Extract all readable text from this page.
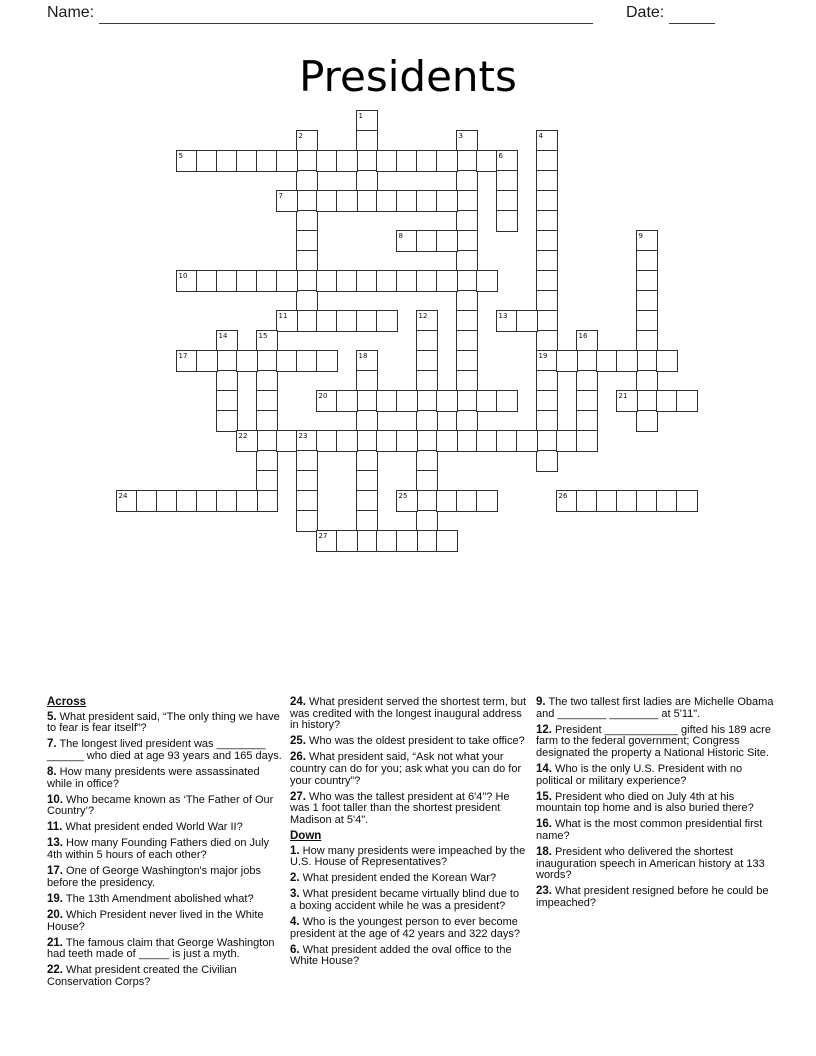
Name:	Date:
Presidents
1
2	3	4
19
5	6
7
8	9
10
11	12	13
14	15	16
17	18
20	21
22	23
24	25	26
27
Across

5. What president said, “The only thing we have to fear is fear itself”?

7. The longest lived president was ________ ______ who died at age 93 years and 165 days.

8. How many presidents were assassinated while in office?

10. Who became known as ‘The Father of Our Country’?

11. What president ended World War II?

13. How many Founding Fathers died on July 4th within 5 hours of each other?

17. One of George Washington's major jobs before the presidency.

19. The 13th Amendment abolished what?

20. Which President never lived in the White House?

21. The famous claim that George Washington had teeth made of _____ is just a myth.

22. What president created the Civilian Conservation Corps?

24. What president served the shortest term, but was credited with the longest inaugural address in history?

25. Who was the oldest president to take office?

26. What president said, “Ask not what your country can do for you; ask what you can do for your country”?

27. Who was the tallest president at 6'4"? He was 1 foot taller than the shortest president Madison at 5'4".

Down

1. How many presidents were impeached by the U.S. House of Representatives?

2. What president ended the Korean War?

3. What president became virtually blind due to a boxing accident while he was a president?

4. Who is the youngest person to ever become president at the age of 42 years and 322 days?

6. What president added the oval office to the White House?

9. The two tallest first ladies are Michelle Obama and ________ ________ at 5'11".

12. President ____________ gifted his 189 acre farm to the federal government; Congress designated the property a National Historic Site.

14. Who is the only U.S. President with no political or military experience?

15. President who died on July 4th at his mountain top home and is also buried there?

16. What is the most common presidential first name?

18. President who delivered the shortest inauguration speech in American history at 133 words?

23. What president resigned before he could be impeached?
